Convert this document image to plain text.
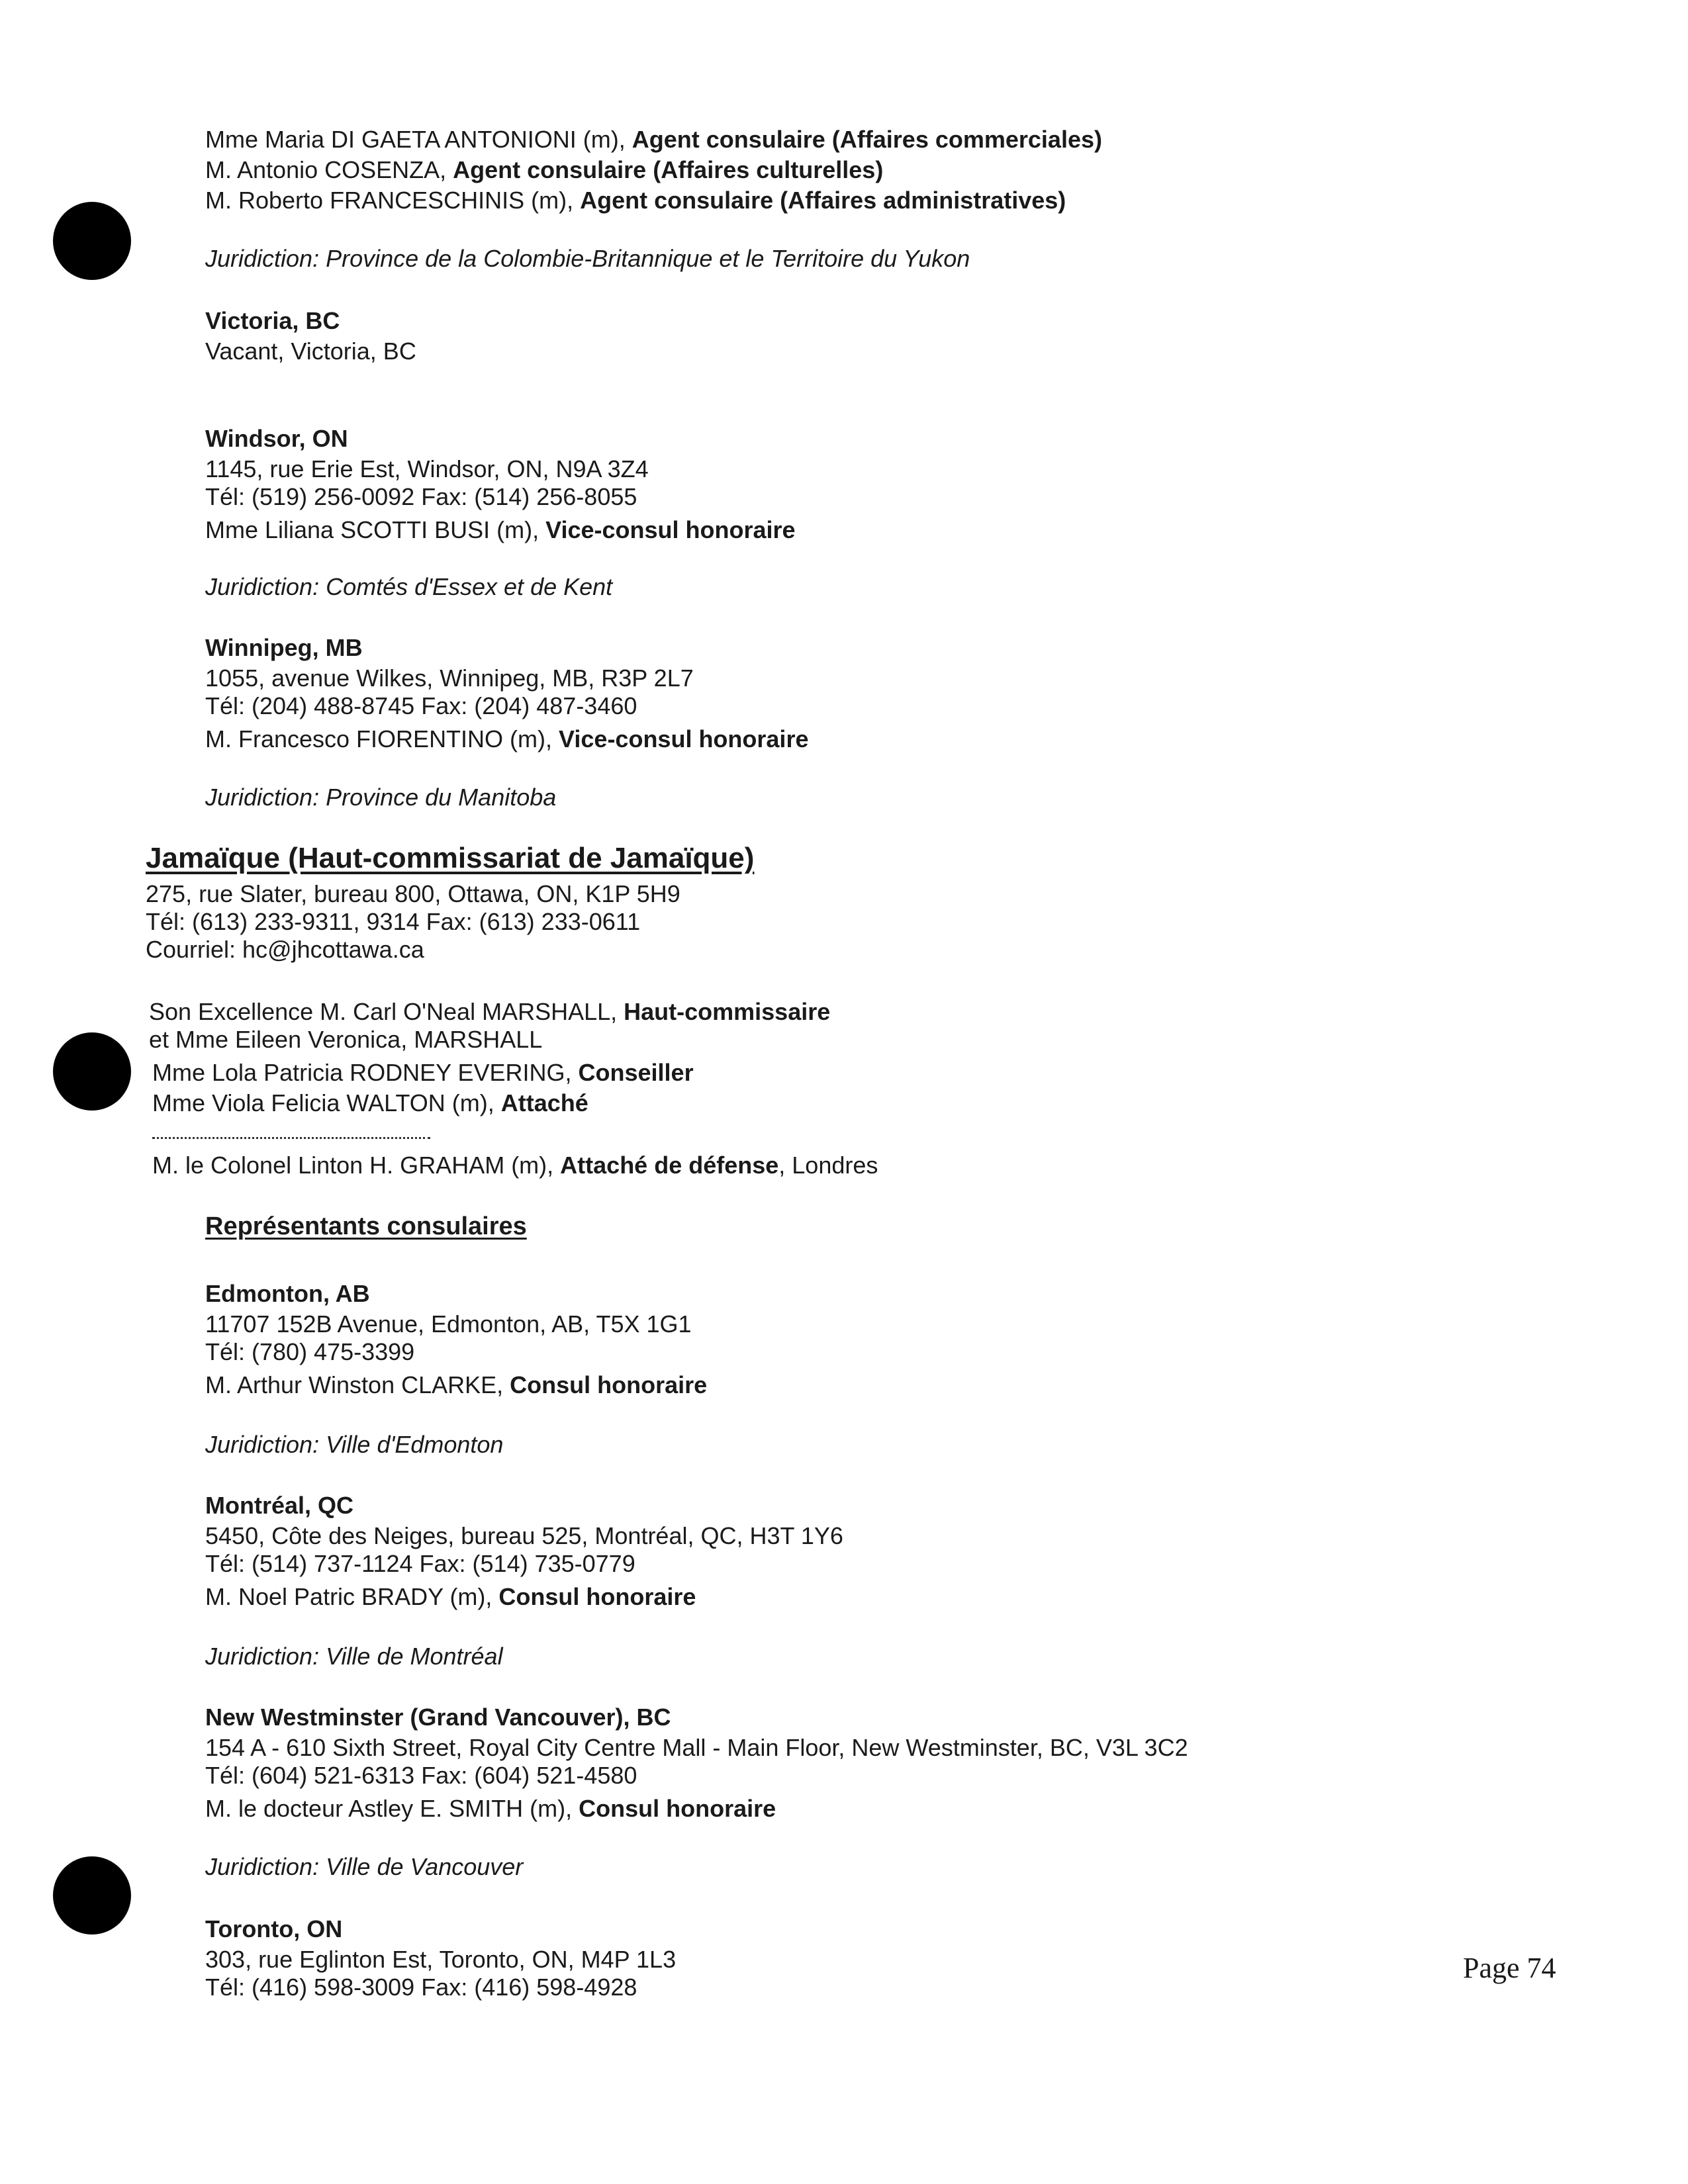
Mme Maria DI GAETA ANTONIONI (m), Agent consulaire (Affaires commerciales)
M. Antonio COSENZA, Agent consulaire (Affaires culturelles)
M. Roberto FRANCESCHINIS (m), Agent consulaire (Affaires administratives)
Juridiction: Province de la Colombie-Britannique et le Territoire du Yukon
Victoria, BC
Vacant, Victoria, BC
Windsor, ON
1145, rue Erie Est, Windsor, ON, N9A 3Z4
Tél: (519) 256-0092 Fax: (514) 256-8055
Mme Liliana SCOTTI BUSI (m), Vice-consul honoraire
Juridiction: Comtés d'Essex et de Kent
Winnipeg, MB
1055, avenue Wilkes, Winnipeg, MB, R3P 2L7
Tél: (204) 488-8745 Fax: (204) 487-3460
M. Francesco FIORENTINO (m), Vice-consul honoraire
Juridiction: Province du Manitoba
Jamaïque (Haut-commissariat de Jamaïque)
275, rue Slater, bureau 800, Ottawa, ON, K1P 5H9
Tél: (613) 233-9311, 9314 Fax: (613) 233-0611
Courriel: hc@jhcottawa.ca
Son Excellence M. Carl O'Neal MARSHALL, Haut-commissaire
et Mme Eileen Veronica, MARSHALL
Mme Lola Patricia RODNEY EVERING, Conseiller
Mme Viola Felicia WALTON (m), Attaché
M. le Colonel Linton H. GRAHAM (m), Attaché de défense, Londres
Représentants consulaires
Edmonton, AB
11707 152B Avenue, Edmonton, AB, T5X 1G1
Tél: (780) 475-3399
M. Arthur Winston CLARKE, Consul honoraire
Juridiction: Ville d'Edmonton
Montréal, QC
5450, Côte des Neiges, bureau 525, Montréal, QC, H3T 1Y6
Tél: (514) 737-1124 Fax: (514) 735-0779
M. Noel Patric BRADY (m), Consul honoraire
Juridiction: Ville de Montréal
New Westminster (Grand Vancouver), BC
154 A - 610 Sixth Street, Royal City Centre Mall - Main Floor, New Westminster, BC, V3L 3C2
Tél: (604) 521-6313 Fax: (604) 521-4580
M. le docteur Astley E. SMITH (m), Consul honoraire
Juridiction: Ville de Vancouver
Toronto, ON
303, rue Eglinton Est, Toronto, ON, M4P 1L3
Tél: (416) 598-3009 Fax: (416) 598-4928
Page 74
